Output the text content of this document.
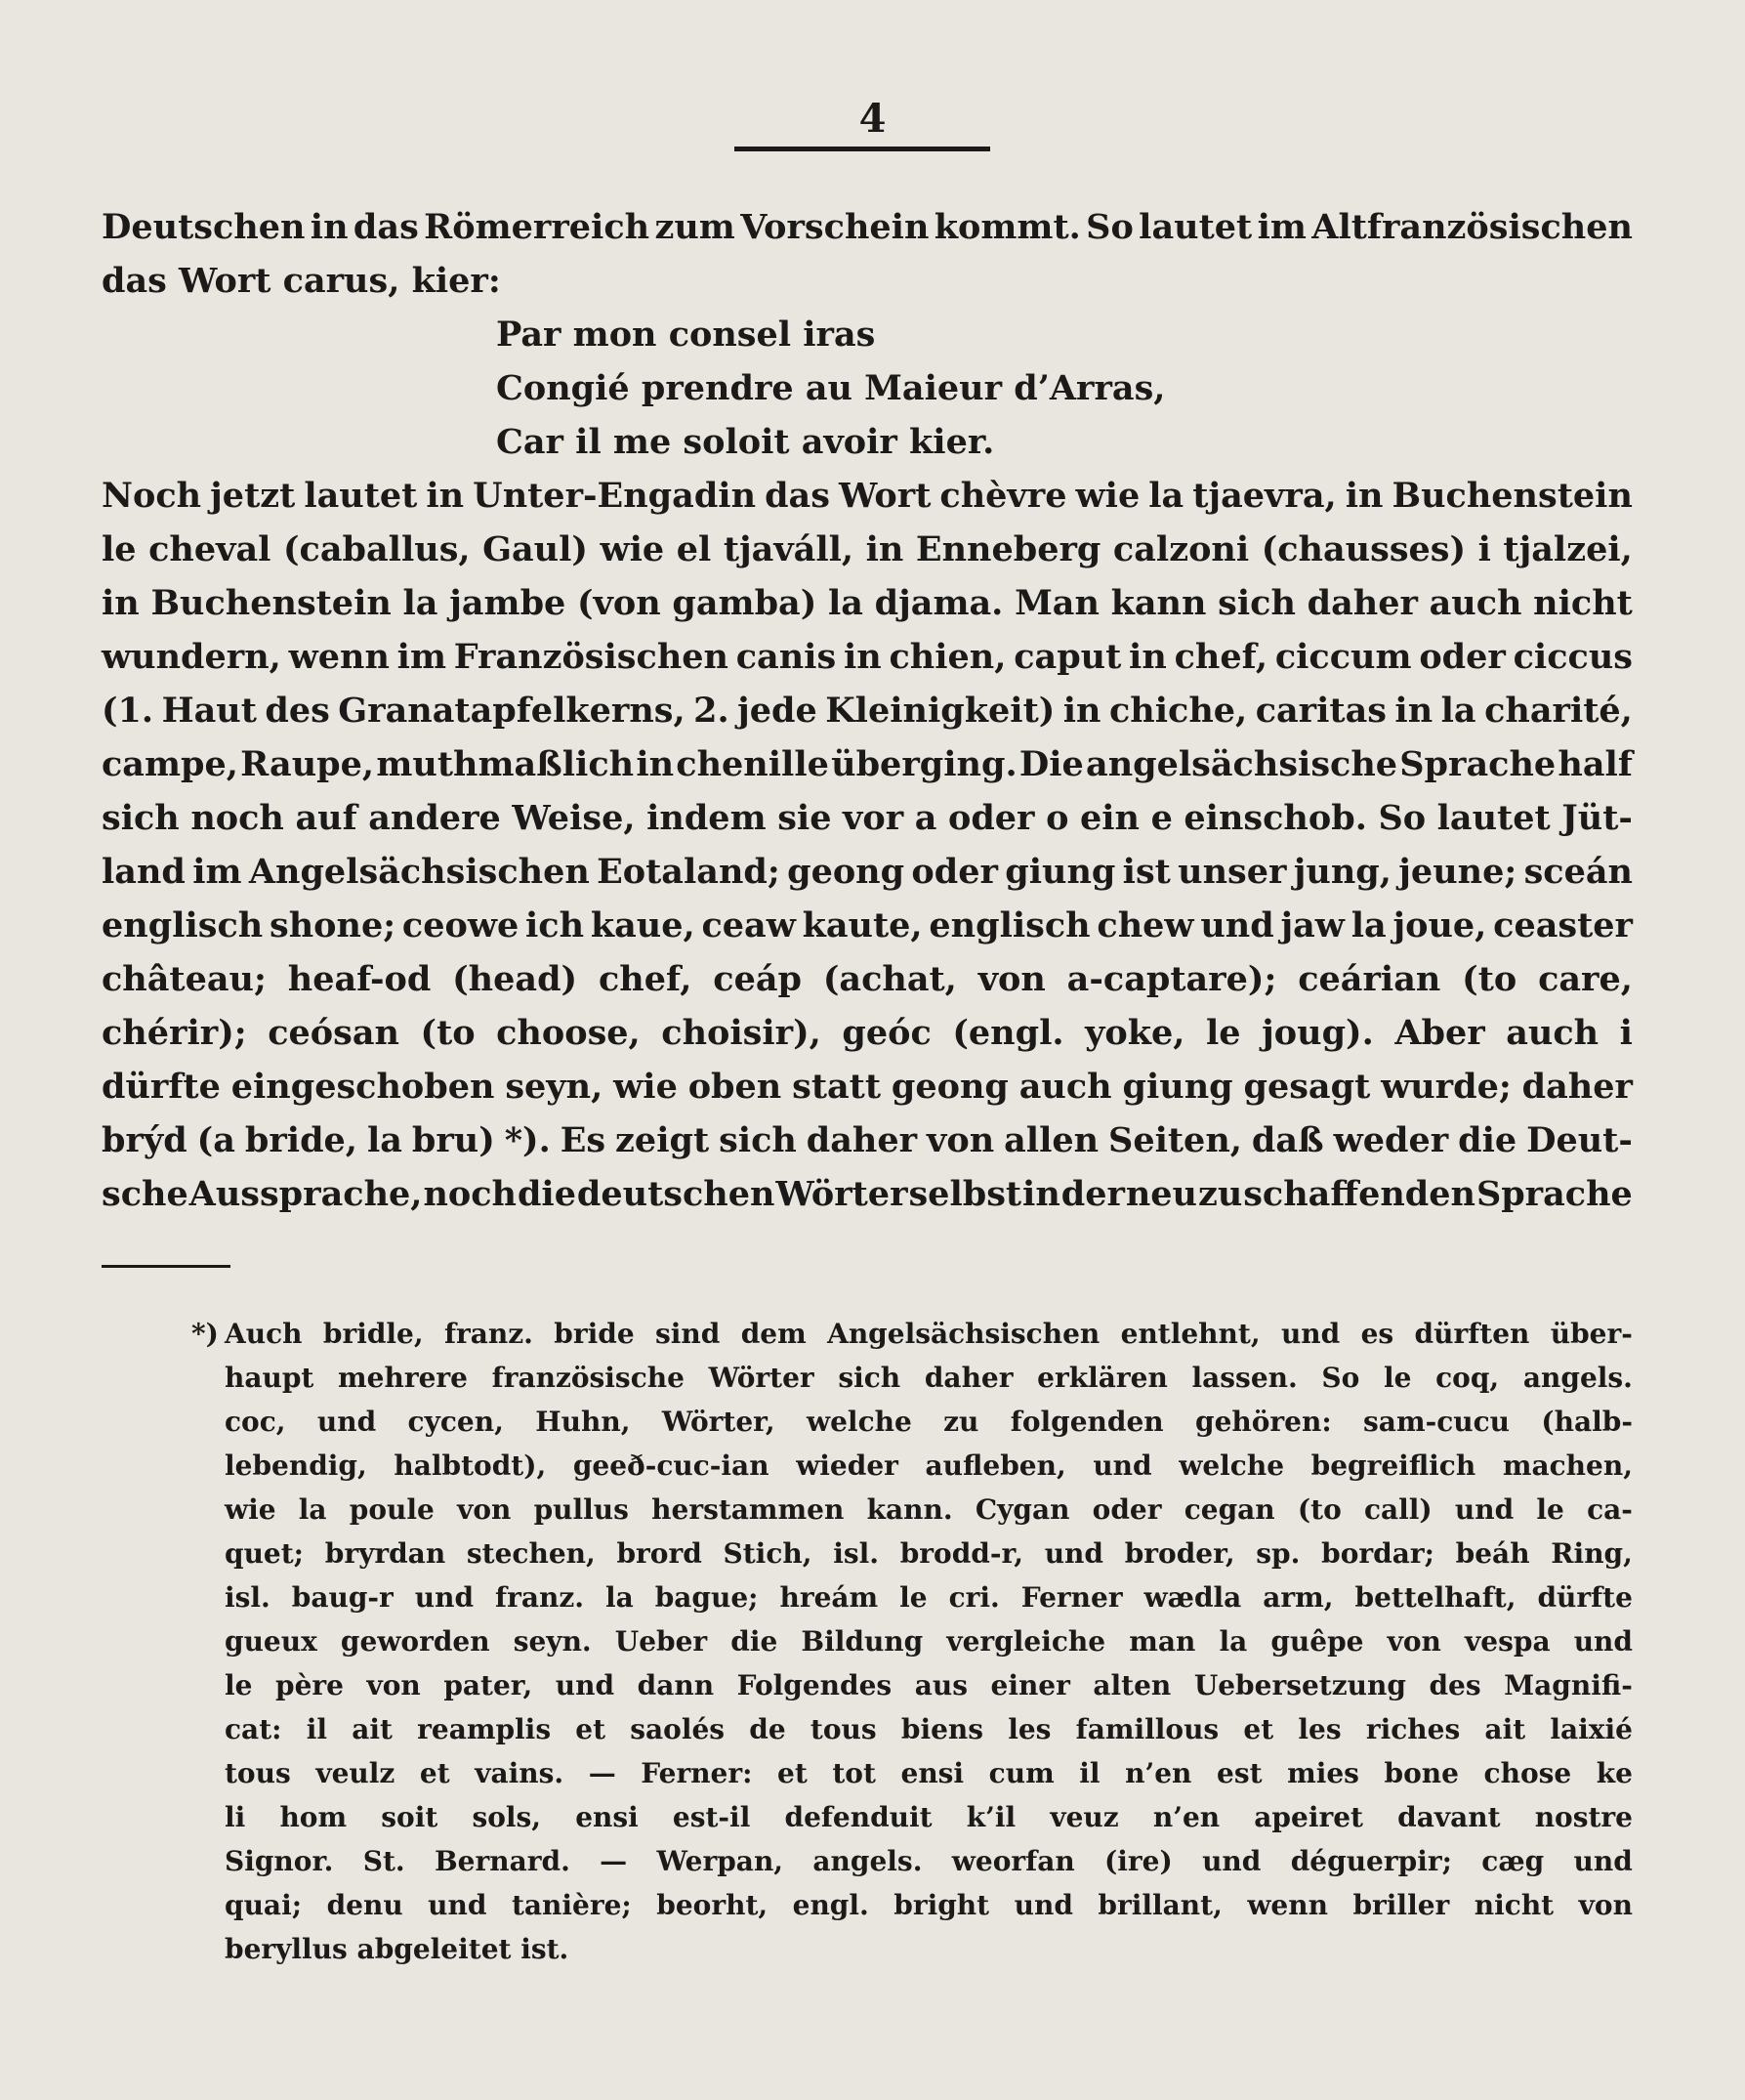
4
Deutschen in das Römerreich zum Vorschein kommt. So lautet im Altfranzösischen
das Wort carus, kier:
Par mon consel iras
Congié prendre au Maieur d’Arras,
Car il me soloit avoir kier.
Noch jetzt lautet in Unter-Engadin das Wort chèvre wie la tjaevra, in Buchenstein
le cheval (caballus, Gaul) wie el tjaváll, in Enneberg calzoni (chausses) i tjalzei,
in Buchenstein la jambe (von gamba) la djama. Man kann sich daher auch nicht
wundern, wenn im Französischen canis in chien, caput in chef, ciccum oder ciccus
(1. Haut des Granatapfelkerns, 2. jede Kleinigkeit) in chiche, caritas in la charité,
campe, Raupe, muthmaßlich in chenille überging. Die angelsächsische Sprache half
sich noch auf andere Weise, indem sie vor a oder o ein e einschob. So lautet Jüt-
land im Angelsächsischen Eotaland; geong oder giung ist unser jung, jeune; sceán
englisch shone; ceowe ich kaue, ceaw kaute, englisch chew und jaw la joue, ceaster
château; heaf-od (head) chef, ceáp (achat, von a-captare); ceárian (to care,
chérir); ceósan (to choose, choisir), geóc (engl. yoke, le joug). Aber auch i
dürfte eingeschoben seyn, wie oben statt geong auch giung gesagt wurde; daher
brýd (a bride, la bru) *). Es zeigt sich daher von allen Seiten, daß weder die Deut-
sche Aussprache, noch die deutschen Wörter selbst in der neu zu schaffenden Sprache
*) Auch bridle, franz. bride sind dem Angelsächsischen entlehnt, und es dürften über-
haupt mehrere französische Wörter sich daher erklären lassen. So le coq, angels.
coc, und cycen, Huhn, Wörter, welche zu folgenden gehören: sam-cucu (halb-
lebendig, halbtodt), geeð-cuc-ian wieder aufleben, und welche begreiflich machen,
wie la poule von pullus herstammen kann. Cygan oder cegan (to call) und le ca-
quet; bryrdan stechen, brord Stich, isl. brodd-r, und broder, sp. bordar; beáh Ring,
isl. baug-r und franz. la bague; hreám le cri. Ferner wædla arm, bettelhaft, dürfte
gueux geworden seyn. Ueber die Bildung vergleiche man la guêpe von vespa und
le père von pater, und dann Folgendes aus einer alten Uebersetzung des Magnifi-
cat: il ait reamplis et saolés de tous biens les famillous et les riches ait laixié
tous veulz et vains. — Ferner: et tot ensi cum il n’en est mies bone chose ke
li hom soit sols, ensi est-il defenduit k’il veuz n’en apeiret davant nostre
Signor. St. Bernard. — Werpan, angels. weorfan (ire) und déguerpir; cæg und
quai; denu und tanière; beorht, engl. bright und brillant, wenn briller nicht von
beryllus abgeleitet ist.
